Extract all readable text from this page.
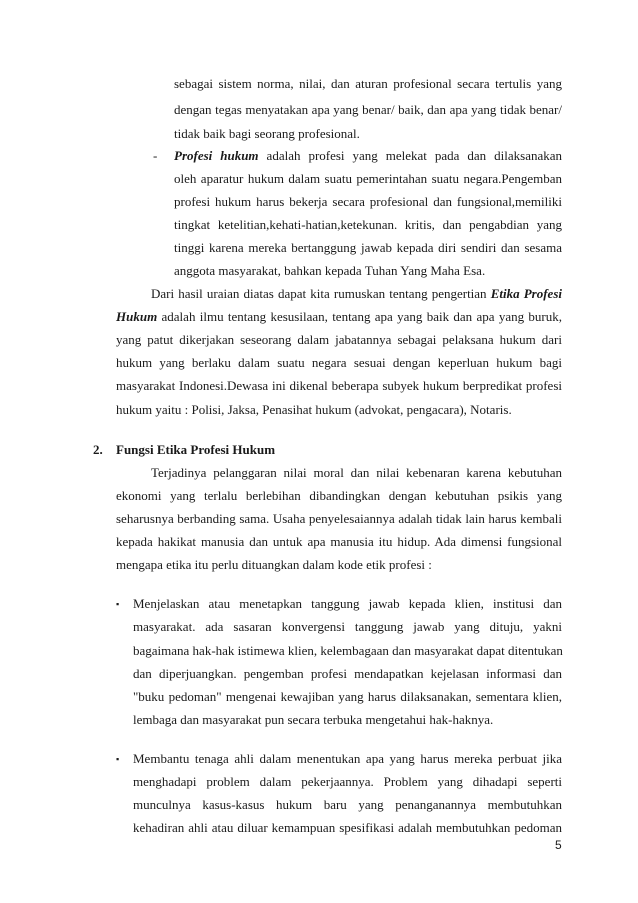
sebagai sistem norma, nilai, dan aturan profesional secara tertulis yang
dengan tegas menyatakan apa yang benar/ baik, dan apa yang tidak benar/
tidak baik bagi seorang profesional.
- Profesi hukum adalah profesi yang melekat pada dan dilaksanakan
oleh aparatur hukum dalam suatu pemerintahan suatu negara.Pengemban
profesi hukum harus bekerja secara profesional dan fungsional,memiliki
tingkat ketelitian,kehati-hatian,ketekunan. kritis, dan pengabdian yang
tinggi karena mereka bertanggung jawab kepada diri sendiri dan sesama
anggota masyarakat, bahkan kepada Tuhan Yang Maha Esa.
Dari hasil uraian diatas dapat kita rumuskan tentang pengertian Etika Profesi
Hukum adalah ilmu tentang kesusilaan, tentang apa yang baik dan apa yang buruk,
yang patut dikerjakan seseorang dalam jabatannya sebagai pelaksana hukum dari
hukum yang berlaku dalam suatu negara sesuai dengan keperluan hukum bagi
masyarakat Indonesi.Dewasa ini dikenal beberapa subyek hukum berpredikat profesi
hukum yaitu : Polisi, Jaksa, Penasihat hukum (advokat, pengacara), Notaris.
2. Fungsi Etika Profesi Hukum
Terjadinya pelanggaran nilai moral dan nilai kebenaran karena kebutuhan
ekonomi yang terlalu berlebihan dibandingkan dengan kebutuhan psikis yang
seharusnya berbanding sama. Usaha penyelesaiannya adalah tidak lain harus kembali
kepada hakikat manusia dan untuk apa manusia itu hidup. Ada dimensi fungsional
mengapa etika itu perlu dituangkan dalam kode etik profesi :
▪ Menjelaskan atau menetapkan tanggung jawab kepada klien, institusi dan
masyarakat. ada sasaran konvergensi tanggung jawab yang dituju, yakni
bagaimana hak-hak istimewa klien, kelembagaan dan masyarakat dapat ditentukan
dan diperjuangkan. pengemban profesi mendapatkan kejelasan informasi dan
"buku pedoman" mengenai kewajiban yang harus dilaksanakan, sementara klien,
lembaga dan masyarakat pun secara terbuka mengetahui hak-haknya.
▪ Membantu tenaga ahli dalam menentukan apa yang harus mereka perbuat jika
menghadapi problem dalam pekerjaannya. Problem yang dihadapi seperti
munculnya kasus-kasus hukum baru yang penanganannya membutuhkan
kehadiran ahli atau diluar kemampuan spesifikasi adalah membutuhkan pedoman
5
